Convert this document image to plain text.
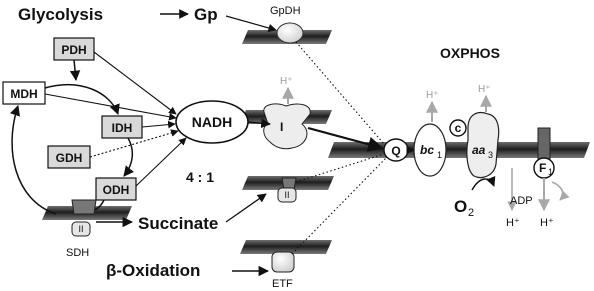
Glycolysis	Gp	GpDH
OXPHOS
PDH
MDH
IDH
GDH
ODH
NADH
4 : 1
II
SDH
Succinate
β-Oxidation
ETF
I
H⁺
II
Q bc 1
H⁺
c
aa 3
H⁺
O 2
H⁺
F 1
ADP
H⁺
